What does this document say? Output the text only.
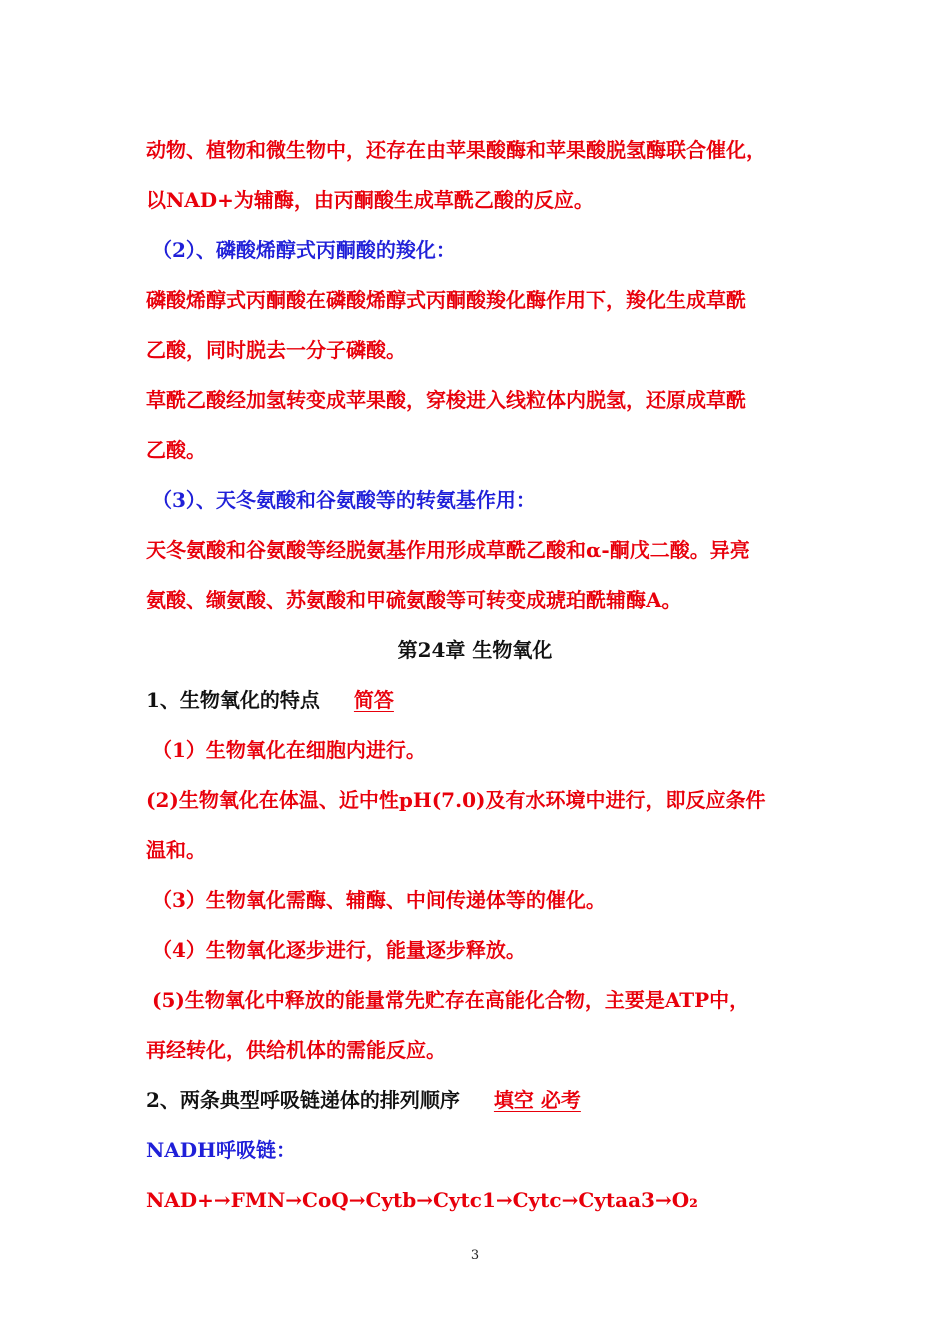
动物、植物和微生物中，还存在由苹果酸酶和苹果酸脱氢酶联合催化，
以NAD+为辅酶，由丙酮酸生成草酰乙酸的反应。
（2）、磷酸烯醇式丙酮酸的羧化：
磷酸烯醇式丙酮酸在磷酸烯醇式丙酮酸羧化酶作用下，羧化生成草酰
乙酸，同时脱去一分子磷酸。
草酰乙酸经加氢转变成苹果酸，穿梭进入线粒体内脱氢，还原成草酰
乙酸。
（3）、天冬氨酸和谷氨酸等的转氨基作用：
天冬氨酸和谷氨酸等经脱氨基作用形成草酰乙酸和α-酮戊二酸。异亮
氨酸、缬氨酸、苏氨酸和甲硫氨酸等可转变成琥珀酰辅酶A。
第24章 生物氧化
1、生物氧化的特点 简答
（1）生物氧化在细胞内进行。
(2)生物氧化在体温、近中性pH(7.0)及有水环境中进行，即反应条件
温和。
（3）生物氧化需酶、辅酶、中间传递体等的催化。
（4）生物氧化逐步进行，能量逐步释放。
(5)生物氧化中释放的能量常先贮存在高能化合物，主要是ATP中，
再经转化，供给机体的需能反应。
2、两条典型呼吸链递体的排列顺序 填空 必考
NADH呼吸链：
NAD+→FMN→CoQ→Cytb→Cytc1→Cytc→Cytaa3→O₂
3
